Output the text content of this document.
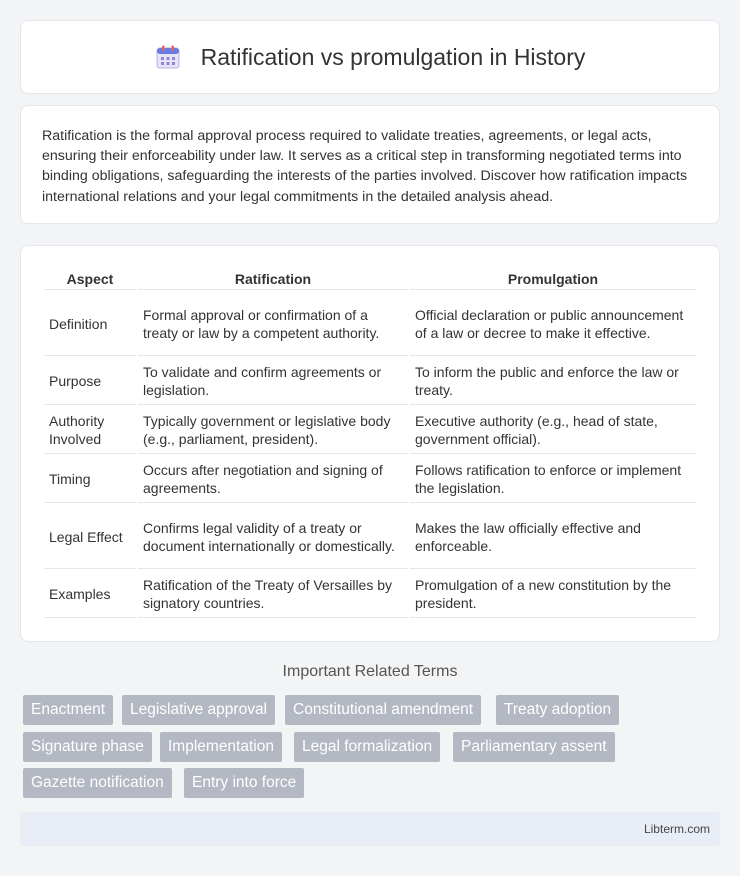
Ratification vs promulgation in History

Ratification is the formal approval process required to validate treaties, agreements, or legal acts, ensuring their enforceability under law. It serves as a critical step in transforming negotiated terms into binding obligations, safeguarding the interests of the parties involved. Discover how ratification impacts international relations and your legal commitments in the detailed analysis ahead.

Aspect	Ratification	Promulgation
Definition	Formal approval or confirmation of a treaty or law by a competent authority.	Official declaration or public announcement of a law or decree to make it effective.
Purpose	To validate and confirm agreements or legislation.	To inform the public and enforce the law or treaty.
Authority Involved	Typically government or legislative body (e.g., parliament, president).	Executive authority (e.g., head of state, government official).
Timing	Occurs after negotiation and signing of agreements.	Follows ratification to enforce or implement the legislation.
Legal Effect	Confirms legal validity of a treaty or document internationally or domestically.	Makes the law officially effective and enforceable.
Examples	Ratification of the Treaty of Versailles by signatory countries.	Promulgation of a new constitution by the president.
Important Related Terms
Enactment	Legislative approval	Constitutional amendment	Treaty adoption
Signature phase	Implementation	Legal formalization	Parliamentary assent
Gazette notification	Entry into force
Libterm.com
